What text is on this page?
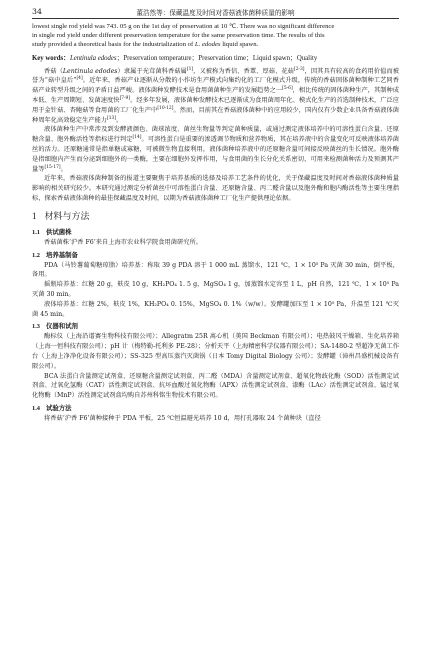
34	董浩然等：保藏温度及时间对香菇液体菌种质量的影响

lowest single rod yield was 743. 05 g on the 1st day of preservation at 10 ℃. There was no significant difference

in single rod yield under different preservation temperature for the same preservation time. The results of this

study provided a theoretical basis for the industrialization of L. edodes liquid spawn.

Key words：Lentinula edodes；Preservation temperature；Preservation time；Liquid spawn；Quality

香菇（Lentinula edodes）隶属于光茸菌科香菇属[1]，又被称为香信、香蕈、厚菇、花菇[2-3]，因其具有较高的食药用价值而被誉为“菇中皇后”[4]。近年来，香菇产业逐渐从分散的小作坊生产模式向集约化的工厂化模式升级，传统的香菇固体菌种制种工艺同香菇产业转型升级之间的矛盾日益严峻。液体菌种发酵技术是食用菌菌种生产的发展趋势之一[5-6]，相比传统的固体菌种生产，其制种成本低、生产周期短、发菌速度快[7-9]。经多年发展，液体菌种发酵技术已逐渐成为食用菌周年化、模式化生产的首选制种技术，广泛应用于金针菇、杏鲍菇等食用菌的工厂化生产中[10-12]。然而，目前其在香菇液体菌种中的应用较少，国内仅有少数企业具备香菇液体菌种周年化高效稳定生产能力[13]。

液体菌种生产中常涉及到发酵液颜色、菌球浓度、菌丝生物量等判定菌种质量，或通过测定液体培养中的可溶性蛋白含量、还原糖含量、胞外酶活性等指标进行判定[14]。可溶性蛋白是重要的渗透调节物质和营养物质，其在培养液中的含量变化可反映液体培养菌丝的活力。还原糖通常是指单糖或寡糖，可被微生物直接利用，液体菌种培养液中的还原糖含量可间接反映菌丝的生长情况。胞外酶是指细胞内产生而分泌到细胞外的一类酶，主要在细胞外发挥作用，与食用菌的生长分化关系密切，可用来检测菌种活力及预测其产量等[15-17]。

近年来，香菇液体菌种制备的报道主要聚焦于培养基质的选择及培养工艺条件的优化，关于保藏温度及时间对香菇液体菌种质量影响的相关研究较少。本研究通过测定分析菌丝中可溶性蛋白含量、还原糖含量、丙二醛含量以及胞外酶和胞内酶活性等主要生理指标，探索香菇液体菌种的最佳保藏温度及时间，以期为香菇液体菌种工厂化生产提供理论依据。

1 材料与方法
1.1 供试菌株

香菇菌株‘沪香 F6’来自上海市农业科学院食用菌研究所。

1.2 培养基制备

PDA（马铃薯葡萄糖琼脂）培养基：称取 39 g PDA 溶于 1 000 mL 蒸馏水，121 ℃，1 × 10⁵ Pa 灭菌 30 min，倒平板，备用。

摇瓶培养基：红糖 20 g，麸皮 10 g，KH₂PO₄ 1. 5 g，MgSO₄ 1 g，加蒸馏水定容至 1 L，pH 自然，121 ℃，1 × 10⁵ Pa 灭菌 30 min。

液体培养基：红糖 2%，麸皮 1%，KH₂PO₄ 0. 15%，MgSO₄ 0. 1%（w/w）。发酵罐加压至 1 × 10⁵ Pa，升温至 121 ℃灭菌 45 min。

1.3 仪器和试剂

酶标仪（上海沿谱赛生物科技有限公司）；Allegratm 25R 离心机（美国 Beckman 有限公司）；电热鼓风干燥箱、生化培养箱（上海一恒科技有限公司）；pH 计（梅特勒-托利多 PE-28）；分析天平（上海精密科学仪器有限公司）；SA-1480-2 型超净无菌工作台（上海上净净化设备有限公司）；SS-325 型高压蒸汽灭菌锅（日本 Tomy Digital Biology 公司）；发酵罐（漳州昌盛机械设备有限公司）。

BCA 法蛋白含量测定试剂盒、还原糖含量测定试剂盒、丙二醛（MDA）含量测定试剂盒、超氧化物歧化酶（SOD）活性测定试剂盒、过氧化氢酶（CAT）活性测定试剂盒、抗坏血酸过氧化物酶（APX）活性测定试剂盒、漆酶（LAc）活性测定试剂盒、锰过氧化物酶（MnP）活性测定试剂盒均购自苏州科铭生物技术有限公司。

1.4 试验方法

将香菇‘沪香 F6’菌种接种于 PDA 平板，25 ℃恒温避光培养 10 d，用打孔器取 24 个菌种块（直径
